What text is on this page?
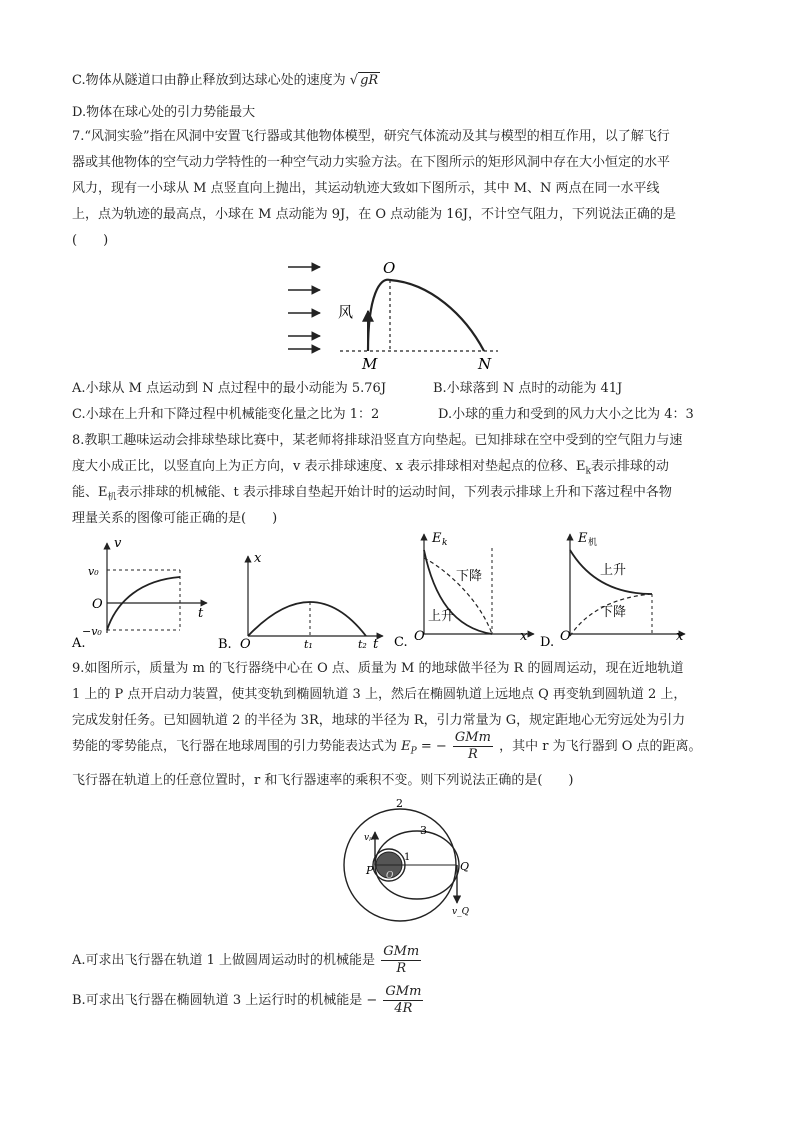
C.物体从隧道口由静止释放到达球心处的速度为 √ gR
D.物体在球心处的引力势能最大
7.“风洞实验”指在风洞中安置飞行器或其他物体模型，研究气体流动及其与模型的相互作用，以了解飞行
器或其他物体的空气动力学特性的一种空气动力实验方法。在下图所示的矩形风洞中存在大小恒定的水平
风力，现有一小球从 M 点竖直向上抛出，其运动轨迹大致如下图所示，其中 M、N 两点在同一水平线
上，点为轨迹的最高点，小球在 M 点动能为 9J，在 O 点动能为 16J，不计空气阻力，下列说法正确的是
(　　)
风
O
M	N
A.小球从 M 点运动到 N 点过程中的最小动能为 5.76J	B.小球落到 N 点时的动能为 41J
C.小球在上升和下降过程中机械能变化量之比为 1：2	D.小球的重力和受到的风力大小之比为 4：3
8.教职工趣味运动会排球垫球比赛中，某老师将排球沿竖直方向垫起。已知排球在空中受到的空气阻力与速
度大小成正比，以竖直向上为正方向，v 表示排球速度、x 表示排球相对垫起点的位移、$E_k$表示排球的动
能、$E_机$表示排球的机械能、t 表示排球自垫起开始计时的运动时间，下列表示排球上升和下落过程中各物
理量关系的图像可能正确的是(　　)
v
t
O
v₀
−v₀
A.
x
t
O	t₁	t₂
B.
E k
x
O
下降
上升
C.
E 机
x
O
上升
下降
D.
9.如图所示，质量为 m 的飞行器绕中心在 O 点、质量为 M 的地球做半径为 R 的圆周运动，现在近地轨道
1 上的 P 点开启动力装置，使其变轨到椭圆轨道 3 上，然后在椭圆轨道上远地点 Q 再变轨到圆轨道 2 上，
完成发射任务。已知圆轨道 2 的半径为 3R，地球的半径为 R，引力常量为 G，规定距地心无穷远处为引力
势能的零势能点，飞行器在地球周围的引力势能表达式为 $E_P$ = − $\frac{\text{GMm}}{R}$ ，其中 r 为飞行器到 O 点的距离。
飞行器在轨道上的任意位置时，r 和飞行器速率的乘积不变。则下列说法正确的是(　　)
2
3
1
P	Q
vₚ
v_Q
O
A.可求出飞行器在轨道 1 上做圆周运动时的机械能是 $\frac{\text{GMm}}{R}$
B.可求出飞行器在椭圆轨道 3 上运行时的机械能是 − $\frac{\text{GMm}}{4R}$
